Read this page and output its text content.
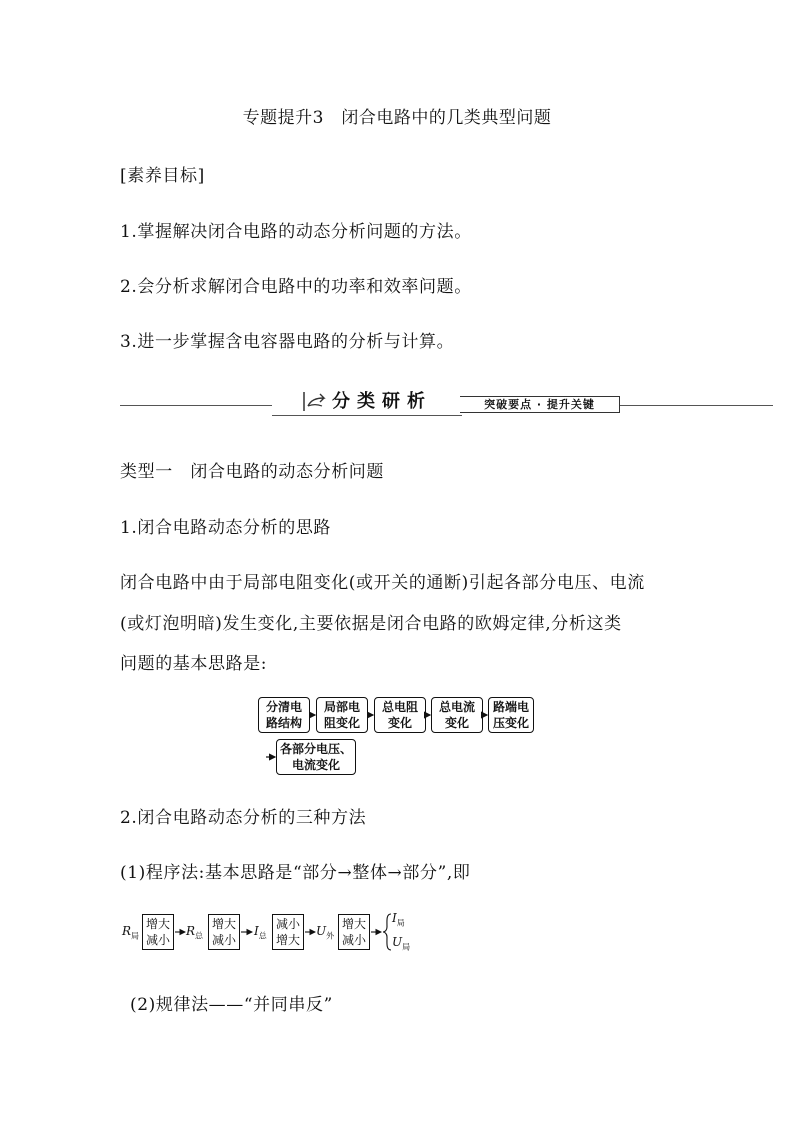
专题提升3　闭合电路中的几类典型问题
[素养目标]
1.掌握解决闭合电路的动态分析问题的方法。
2.会分析求解闭合电路中的功率和效率问题。
3.进一步掌握含电容器电路的分析与计算。
分类研析	突破要点 · 提升关键
类型一　闭合电路的动态分析问题
1.闭合电路动态分析的思路
闭合电路中由于局部电阻变化(或开关的通断)引起各部分电压、电流
(或灯泡明暗)发生变化,主要依据是闭合电路的欧姆定律,分析这类
问题的基本思路是:
分清电
路结构
局部电
阻变化
总电阻
变化
总电流
变化
路端电
压变化
各部分电压、
电流变化
2.闭合电路动态分析的三种方法
(1)程序法:基本思路是“部分→整体→部分”,即
$R_局$
增大
减小
$R_总$
增大
减小
$I_总$
减小
增大
$U_外$
增大
减小
$I_局$
$U_局$
(2)规律法——“并同串反”
